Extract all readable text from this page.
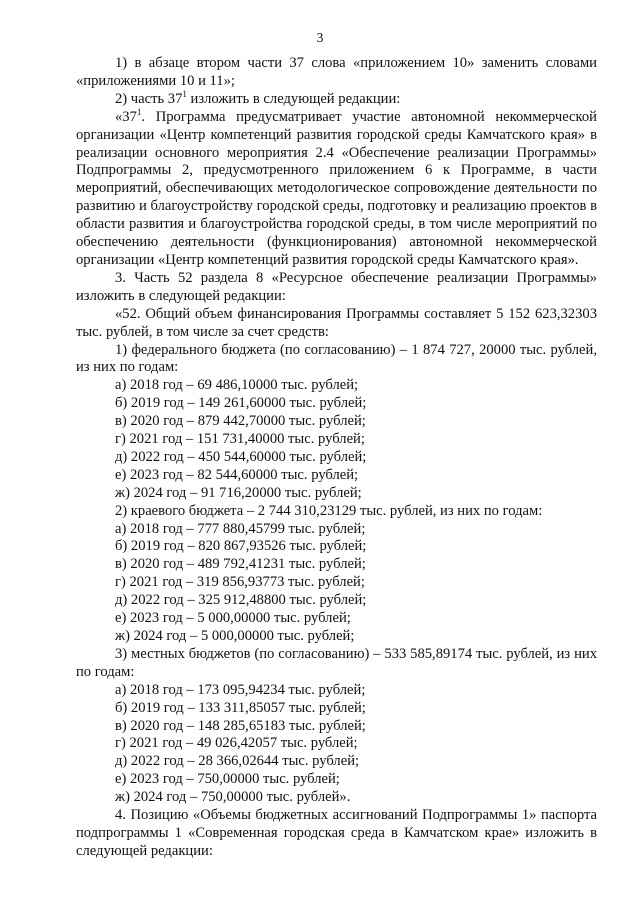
3
1) в абзаце втором части 37 слова «приложением 10» заменить словами «приложениями 10 и 11»;
2) часть $37^1$ изложить в следующей редакции:
«$37^1$. Программа предусматривает участие автономной некоммерческой организации «Центр компетенций развития городской среды Камчатского края» в реализации основного мероприятия 2.4 «Обеспечение реализации Программы» Подпрограммы 2, предусмотренного приложением 6 к Программе, в части мероприятий, обеспечивающих методологическое сопровождение деятельности по развитию и благоустройству городской среды, подготовку и реализацию проектов в области развития и благоустройства городской среды, в том числе мероприятий по обеспечению деятельности (функционирования) автономной некоммерческой организации «Центр компетенций развития городской среды Камчатского края».
3. Часть 52 раздела 8 «Ресурсное обеспечение реализации Программы» изложить в следующей редакции:
«52. Общий объем финансирования Программы составляет 5 152 623,32303 тыс. рублей, в том числе за счет средств:
1) федерального бюджета (по согласованию) – 1 874 727, 20000 тыс. рублей, из них по годам:
а) 2018 год – 69 486,10000 тыс. рублей;
б) 2019 год – 149 261,60000 тыс. рублей;
в) 2020 год – 879 442,70000 тыс. рублей;
г) 2021 год – 151 731,40000 тыс. рублей;
д) 2022 год – 450 544,60000 тыс. рублей;
е) 2023 год – 82 544,60000 тыс. рублей;
ж) 2024 год – 91 716,20000 тыс. рублей;
2) краевого бюджета – 2 744 310,23129 тыс. рублей, из них по годам:
а) 2018 год – 777 880,45799 тыс. рублей;
б) 2019 год – 820 867,93526 тыс. рублей;
в) 2020 год – 489 792,41231 тыс. рублей;
г) 2021 год – 319 856,93773 тыс. рублей;
д) 2022 год – 325 912,48800 тыс. рублей;
е) 2023 год – 5 000,00000 тыс. рублей;
ж) 2024 год – 5 000,00000 тыс. рублей;
3) местных бюджетов (по согласованию) – 533 585,89174 тыс. рублей, из них по годам:
а) 2018 год – 173 095,94234 тыс. рублей;
б) 2019 год – 133 311,85057 тыс. рублей;
в) 2020 год – 148 285,65183 тыс. рублей;
г) 2021 год – 49 026,42057 тыс. рублей;
д) 2022 год – 28 366,02644 тыс. рублей;
е) 2023 год – 750,00000 тыс. рублей;
ж) 2024 год – 750,00000 тыс. рублей».
4. Позицию «Объемы бюджетных ассигнований Подпрограммы 1» паспорта подпрограммы 1 «Современная городская среда в Камчатском крае» изложить в следующей редакции:
